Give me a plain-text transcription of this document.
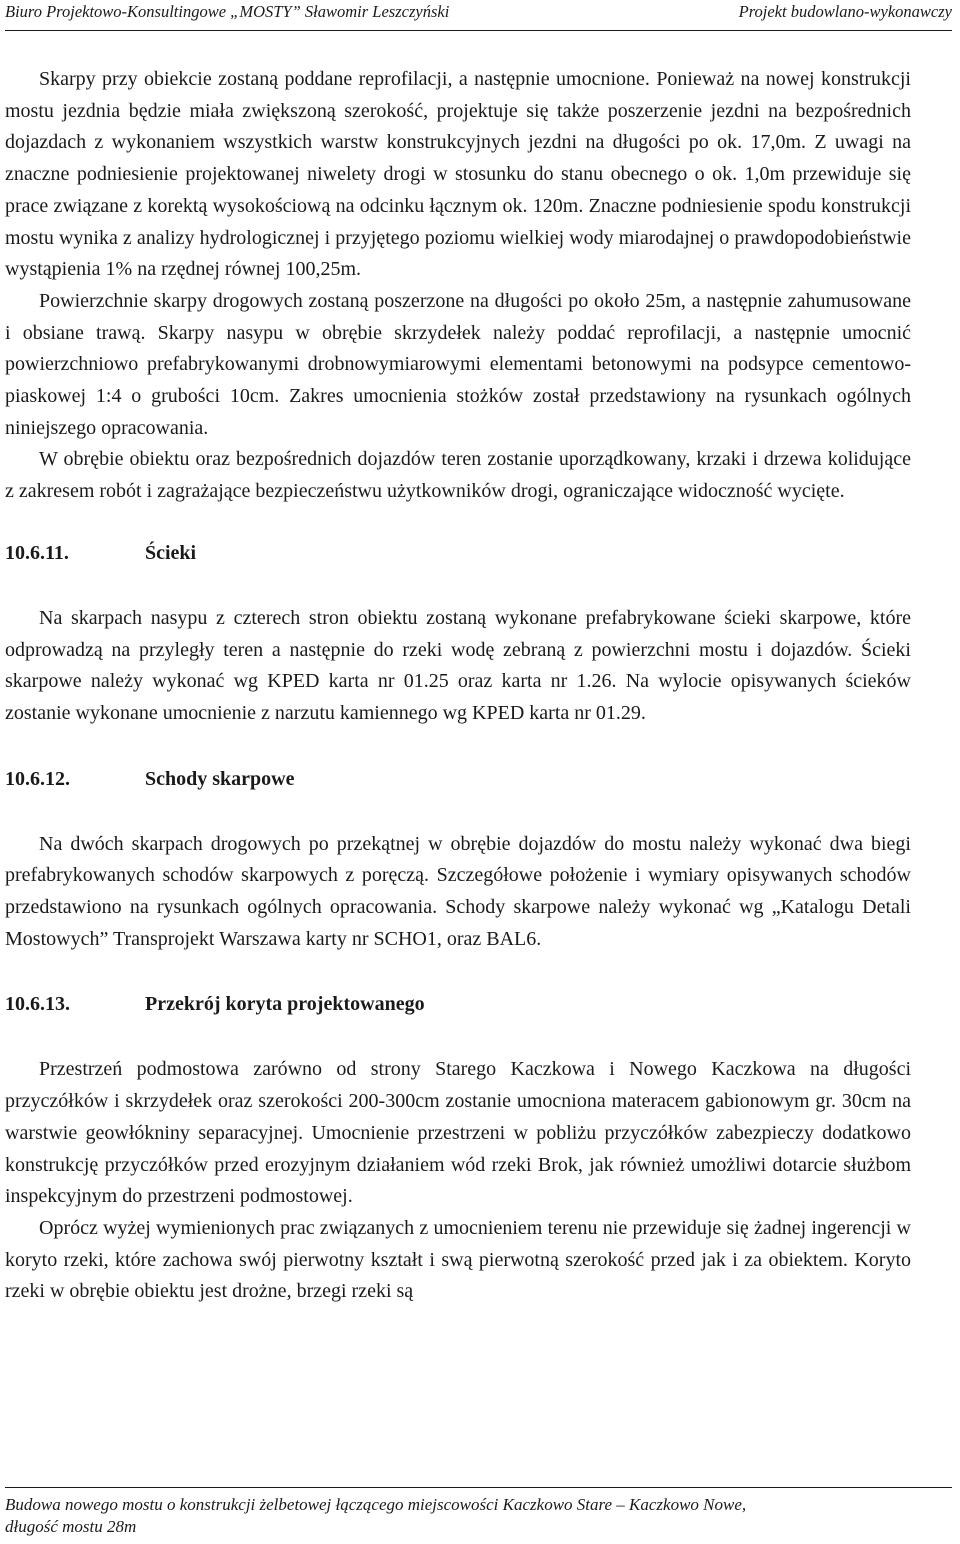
Biuro Projektowo-Konsultingowe „MOSTY” Sławomir Leszczyński	Projekt budowlano-wykonawczy

Skarpy przy obiekcie zostaną poddane reprofilacji, a następnie umocnione. Ponieważ na nowej konstrukcji mostu jezdnia będzie miała zwiększoną szerokość, projektuje się także poszerzenie jezdni na bezpośrednich dojazdach z wykonaniem wszystkich warstw konstrukcyjnych jezdni na długości po ok. 17,0m. Z uwagi na znaczne podniesienie projektowanej niwelety drogi w stosunku do stanu obecnego o ok. 1,0m przewiduje się prace związane z korektą wysokościową na odcinku łącznym ok. 120m. Znaczne podniesienie spodu konstrukcji mostu wynika z analizy hydrologicznej i przyjętego poziomu wielkiej wody miarodajnej o prawdopodobieństwie wystąpienia 1% na rzędnej równej 100,25m.

Powierzchnie skarpy drogowych zostaną poszerzone na długości po około 25m, a następnie zahumusowane i obsiane trawą. Skarpy nasypu w obrębie skrzydełek należy poddać reprofilacji, a następnie umocnić powierzchniowo prefabrykowanymi drobnowymiarowymi elementami betonowymi na podsypce cementowo-piaskowej 1:4 o grubości 10cm. Zakres umocnienia stożków został przedstawiony na rysunkach ogólnych niniejszego opracowania.

W obrębie obiektu oraz bezpośrednich dojazdów teren zostanie uporządkowany, krzaki i drzewa kolidujące z zakresem robót i zagrażające bezpieczeństwu użytkowników drogi, ograniczające widoczność wycięte.

10.6.11.	Ścieki

Na skarpach nasypu z czterech stron obiektu zostaną wykonane prefabrykowane ścieki skarpowe, które odprowadzą na przyległy teren a następnie do rzeki wodę zebraną z powierzchni mostu i dojazdów. Ścieki skarpowe należy wykonać wg KPED karta nr 01.25 oraz karta nr 1.26. Na wylocie opisywanych ścieków zostanie wykonane umocnienie z narzutu kamiennego wg KPED karta nr 01.29.

10.6.12.	Schody skarpowe

Na dwóch skarpach drogowych po przekątnej w obrębie dojazdów do mostu należy wykonać dwa biegi prefabrykowanych schodów skarpowych z poręczą. Szczegółowe położenie i wymiary opisywanych schodów przedstawiono na rysunkach ogólnych opracowania. Schody skarpowe należy wykonać wg „Katalogu Detali Mostowych” Transprojekt Warszawa karty nr SCHO1, oraz BAL6.

10.6.13.	Przekrój koryta projektowanego

Przestrzeń podmostowa zarówno od strony Starego Kaczkowa i Nowego Kaczkowa na długości przyczółków i skrzydełek oraz szerokości 200-300cm zostanie umocniona materacem gabionowym gr. 30cm na warstwie geowłókniny separacyjnej. Umocnienie przestrzeni w pobliżu przyczółków zabezpieczy dodatkowo konstrukcję przyczółków przed erozyjnym działaniem wód rzeki Brok, jak również umożliwi dotarcie służbom inspekcyjnym do przestrzeni podmostowej.

Oprócz wyżej wymienionych prac związanych z umocnieniem terenu nie przewiduje się żadnej ingerencji w koryto rzeki, które zachowa swój pierwotny kształt i swą pierwotną szerokość przed jak i za obiektem. Koryto rzeki w obrębie obiektu jest drożne, brzegi rzeki są

Budowa nowego mostu o konstrukcji żelbetowej łączącego miejscowości Kaczkowo Stare – Kaczkowo Nowe,
długość mostu 28m
